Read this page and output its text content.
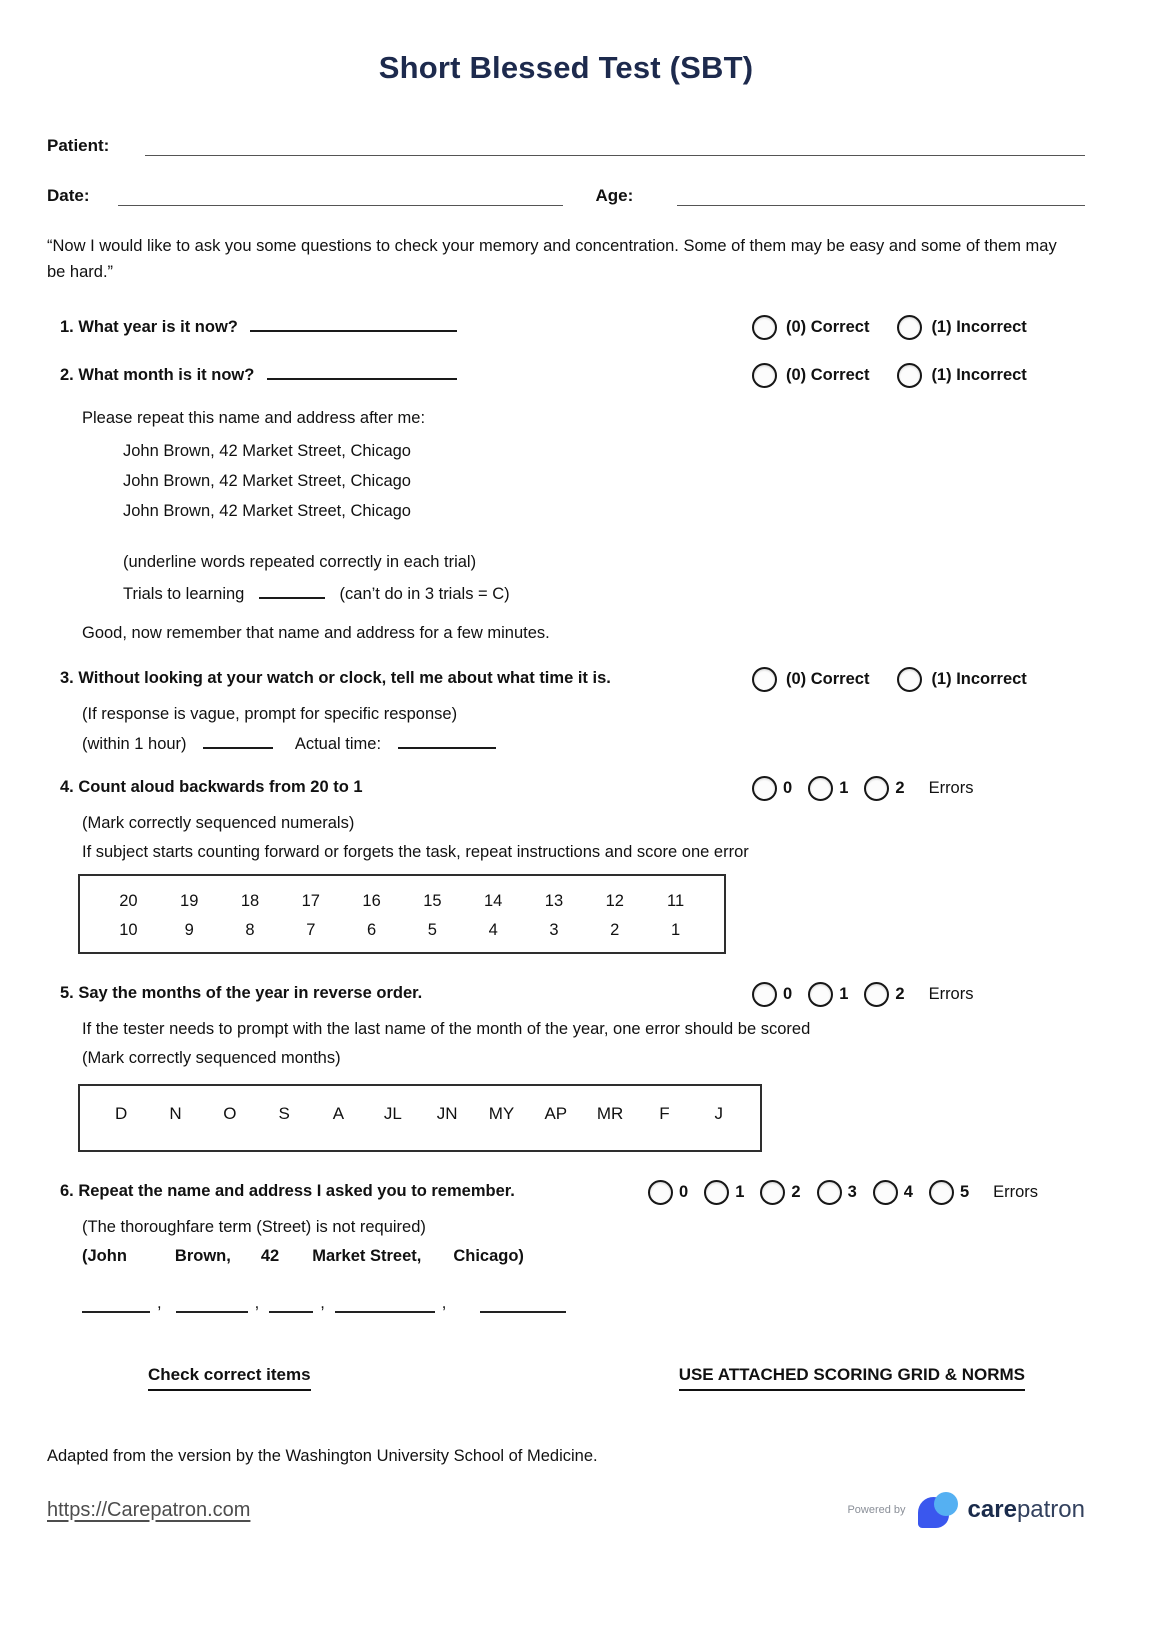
Short Blessed Test (SBT)
Patient:
Date:	Age:
“Now I would like to ask you some questions to check your memory and concentration. Some of them may be easy and some of them may be hard.”
1. What year is it now?	(0) Correct	(1) Incorrect
2. What month is it now?	(0) Correct	(1) Incorrect
Please repeat this name and address after me:
John Brown, 42 Market Street, Chicago
John Brown, 42 Market Street, Chicago
John Brown, 42 Market Street, Chicago
(underline words repeated correctly in each trial)
Trials to learning	(can’t do in 3 trials = C)
Good, now remember that name and address for a few minutes.
3. Without looking at your watch or clock, tell me about what time it is.	(0) Correct	(1) Incorrect
(If response is vague, prompt for specific response)
(within 1 hour)	Actual time:
4. Count aloud backwards from 20 to 1	0	1	2 Errors
(Mark correctly sequenced numerals)
If subject starts counting forward or forgets the task, repeat instructions and score one error
20	19	18	17	16	15	14	13	12	11
10	9	8	7	6	5	4	3	2	1
5. Say the months of the year in reverse order.	0	1	2 Errors
If the tester needs to prompt with the last name of the month of the year, one error should be scored
(Mark correctly sequenced months)
D	N	O	S	A	JL	JN	MY	AP	MR	F	J
6. Repeat the name and address I asked you to remember.	0	1	2	3	4	5 Errors
(The thoroughfare term (Street) is not required)
(John	Brown, 42 Market Street, Chicago)
,	,	,	,
Check correct items	USE ATTACHED SCORING GRID & NORMS
Adapted from the version by the Washington University School of Medicine.
https://Carepatron.com	Powered by	carepatron
